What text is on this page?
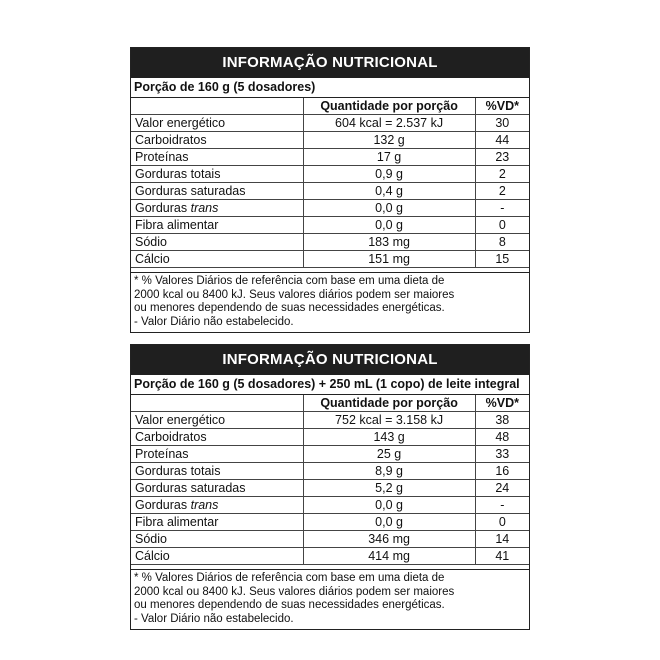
INFORMAÇÃO NUTRICIONAL
Porção de 160 g (5 dosadores)
	Quantidade por porção	%VD*
Valor energético	604 kcal = 2.537 kJ	30
Carboidratos	132 g	44
Proteínas	17 g	23
Gorduras totais	0,9 g	2
Gorduras saturadas	0,4 g	2
Gorduras trans	0,0 g	-
Fibra alimentar	0,0 g	0
Sódio	183 mg	8
Cálcio	151 mg	15
* % Valores Diários de referência com base em uma dieta de
2000 kcal ou 8400 kJ. Seus valores diários podem ser maiores
ou menores dependendo de suas necessidades energéticas.
- Valor Diário não estabelecido.
INFORMAÇÃO NUTRICIONAL
Porção de 160 g (5 dosadores) + 250 mL (1 copo) de leite integral
	Quantidade por porção	%VD*
Valor energético	752 kcal = 3.158 kJ	38
Carboidratos	143 g	48
Proteínas	25 g	33
Gorduras totais	8,9 g	16
Gorduras saturadas	5,2 g	24
Gorduras trans	0,0 g	-
Fibra alimentar	0,0 g	0
Sódio	346 mg	14
Cálcio	414 mg	41
* % Valores Diários de referência com base em uma dieta de
2000 kcal ou 8400 kJ. Seus valores diários podem ser maiores
ou menores dependendo de suas necessidades energéticas.
- Valor Diário não estabelecido.
